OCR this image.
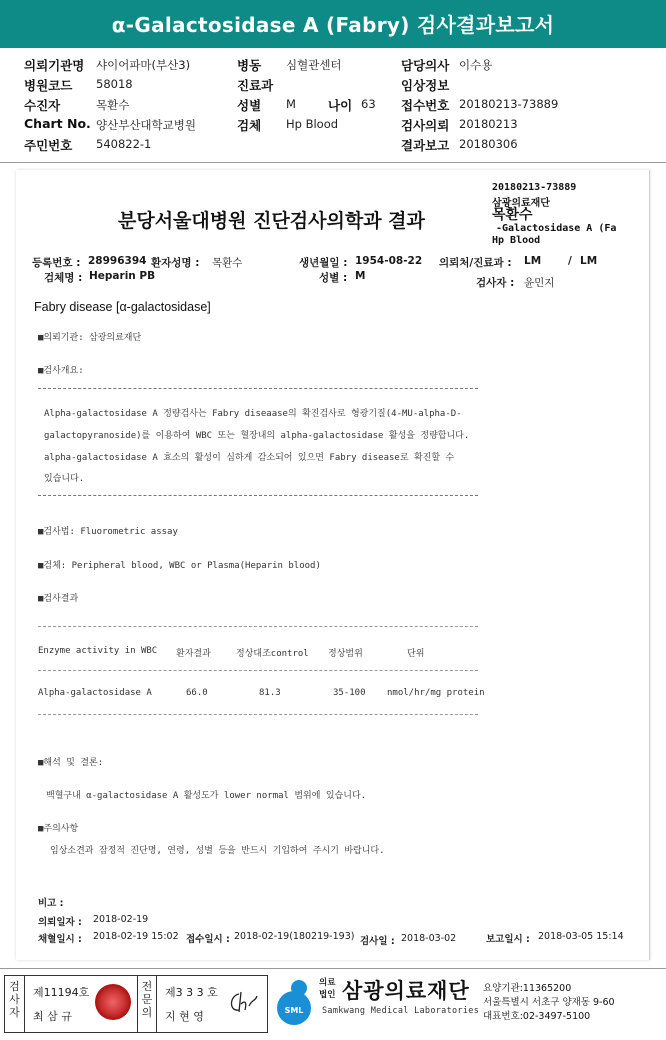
α-Galactosidase A (Fabry) 검사결과보고서
의뢰기관명 샤이어파마(부산3)
병원코드 58018
수진자	목환수
Chart No. 양산부산대학교병원
주민번호 540822-1
병동 심혈관센터
진료과
성별 M	나이 63
검체 Hp Blood
담당의사 이수용
임상정보
접수번호 20180213-73889
검사의뢰 20180213
결과보고 20180306
20180213-73889
삼광의료재단
목환수
-Galactosidase A (Fa
Hp Blood
분당서울대병원 진단검사의학과 결과
등록번호 : 28996394 환자성명 : 목환수	생년월일 : 1954-08-22 의뢰처/진료과 : LM	/ LM
검체명 : Heparin PB	성별 : M
검사자 : 윤민지
Fabry disease [α-galactosidase]
■의뢰기관: 삼광의료재단
■검사개요:
Alpha-galactosidase A 정량검사는 Fabry diseaase의 확진검사로 형광기질(4-MU-alpha-D-
galactopyranoside)를 이용하여 WBC 또는 혈장내의 alpha-galactosidase 활성을 정량합니다.
alpha-galactosidase A 효소의 활성이 심하게 감소되어 있으면 Fabry disease로 확진할 수
있습니다.
■검사법: Fluorometric assay
■검체: Peripheral blood, WBC or Plasma(Heparin blood)
■검사결과
Enzyme activity in WBC 환자결과	정상대조control 정상범위	단위
Alpha-galactosidase A	66.0	81.3	35-100 nmol/hr/mg protein
■해석 및 결론:
백혈구내 α-galactosidase A 활성도가 lower normal 범위에 있습니다.
■주의사항
임상소견과 잠정적 진단명, 연령, 성별 등을 반드시 기입하여 주시기 바랍니다.
비고 :
의뢰일자 : 2018-02-19
채혈일시 : 2018-02-19 15:02 접수일시 : 2018-02-19(180219-193) 검사일 : 2018-03-02	보고일시 : 2018-03-05 15:14
검사자
제11194호
최 삼 규
전문의
제3 3 3 호
지 현 영	SML
의료
법인 삼광의료재단
Samkwang Medical Laboratories
요양기관:11365200
서울특별시 서초구 양재동 9-60
대표번호:02-3497-5100
